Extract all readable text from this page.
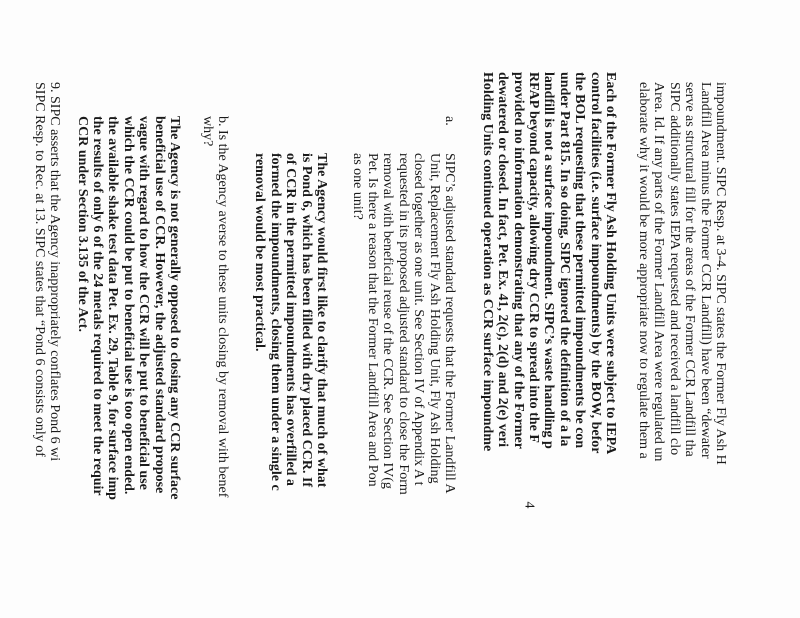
impoundment. SIPC Resp. at 3-4. SIPC states the Former Fly Ash H
Landfill Area minus the Former CCR Landfill) have been “dewater
serve as structural fill for the areas of the Former CCR Landfill tha
SIPC additionally states IEPA requested and received a landfill clo
Area. Id. If any parts of the Former Landfill Area were regulated un
elaborate why it would be more appropriate now to regulate them a
Each of the Former Fly Ash Holding Units were subject to IEPA
control facilities (i.e. surface impoundments) by the BOW, befor
the BOL requesting that these permitted impoundments be con
under Part 815. In so doing, SIPC ignored the definition of a la
landfill is not a surface impoundment. SIPC’s waste handling p
RFAP beyond capacity, allowing dry CCR to spread into the F
provided no information demonstrating that any of the Former
dewatered or closed. In fact, Pet. Ex. 41, 2(c), 2(d) and 2(e) veri
Holding Units continued operation as CCR surface impoundme
a.
SIPC’s adjusted standard requests that the Former Landfill A
Unit, Replacement Fly Ash Holding Unit, Fly Ash Holding
closed together as one unit. See Section IV of Appendix A t
requested in its proposed adjusted standard to close the Form
removal with beneficial reuse of the CCR. See Section IV(g
Pet. Is there a reason that the Former Landfill Area and Pon
as one unit?
The Agency would first like to clarify that much of what
is Pond 6, which has been filled with dry placed CCR. If
of CCR in the permitted impoundments has overfilled a
formed the impoundments, closing them under a single c
removal would be most practical.
b. Is the Agency averse to these units closing by removal with benef
why?
The Agency is not generally opposed to closing any CCR surface
beneficial use of CCR. However, the adjusted standard propose
vague with regard to how the CCR will be put to beneficial use
which the CCR could be put to beneficial use is too open ended.
the available shake test data Pet. Ex. 29, Table 9, for surface imp
the results of only 6 of the 24 metals required to meet the requir
CCR under Section 3.135 of the Act.
9. SIPC asserts that the Agency inappropriately conflates Pond 6 wi
SIPC Resp. to Rec. at 13. SIPC states that “Pond 6 consists only of
4
